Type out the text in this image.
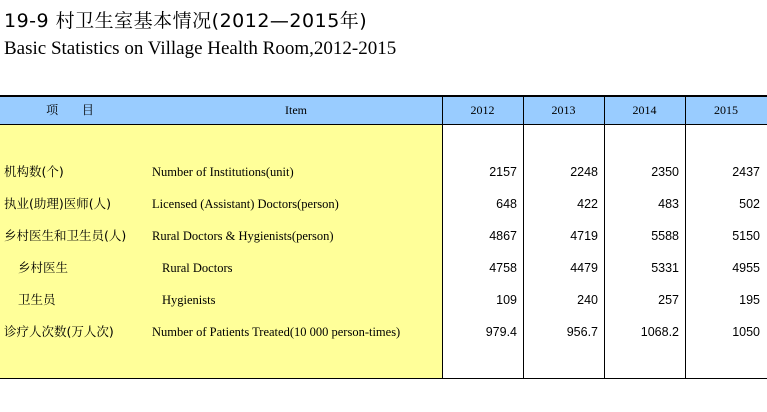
19-9 村卫生室基本情况(2012—2015年)
Basic Statistics on Village Health Room,2012-2015
项 目	Item	2012	2013	2014	2015
机构数(个)	Number of Institutions(unit)	2157	2248	2350	2437
执业(助理)医师(人)	Licensed (Assistant) Doctors(person)	648	422	483	502
乡村医生和卫生员(人) Rural Doctors & Hygienists(person)	4867	4719	5588	5150
乡村医生	Rural Doctors	4758	4479	5331	4955
卫生员	Hygienists	109	240	257	195
诊疗人次数(万人次)	Number of Patients Treated(10 000 person-times)	979.4	956.7	1068.2	1050
